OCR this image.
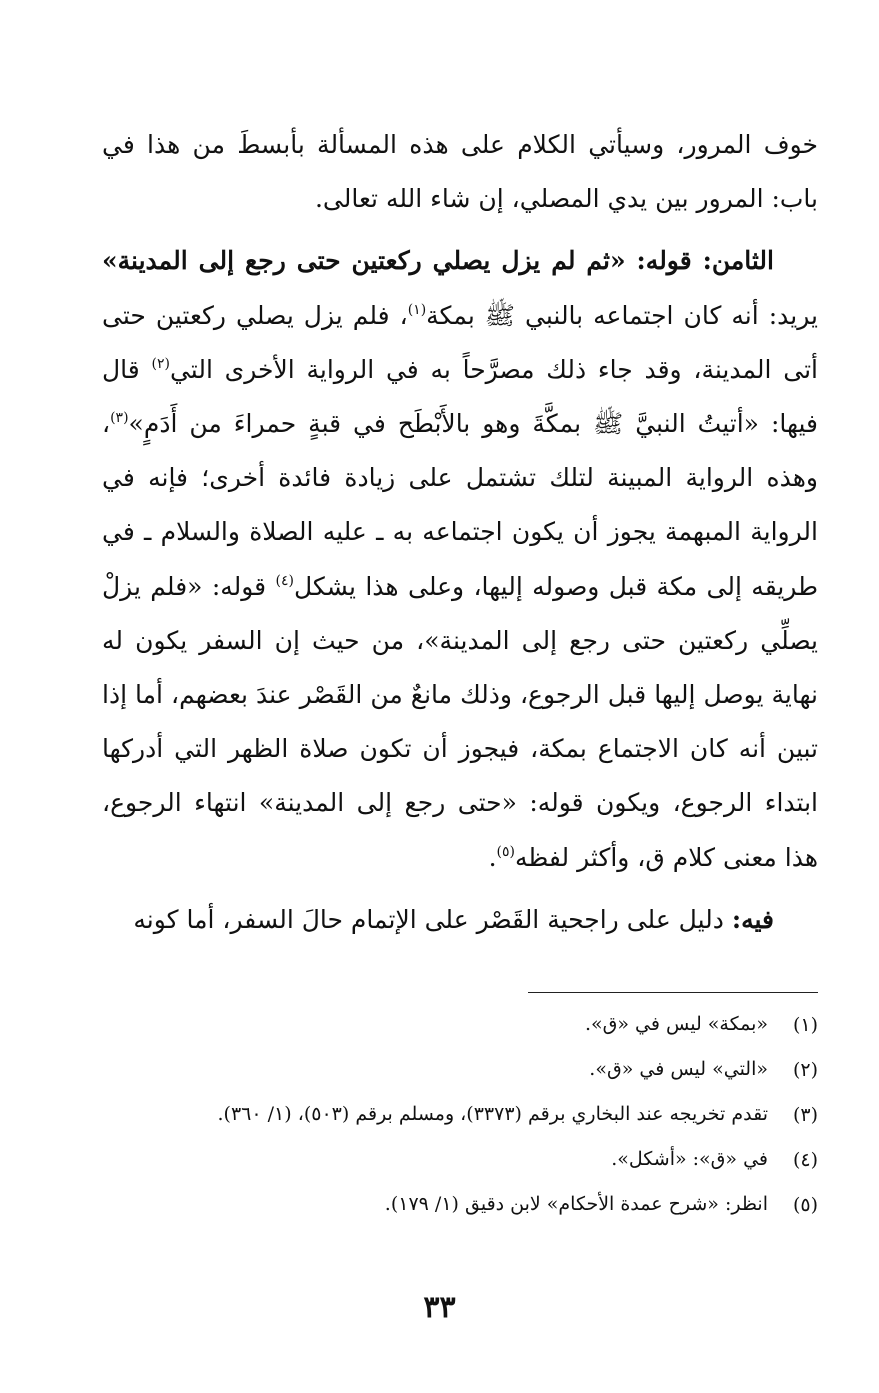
خوف المرور، وسيأتي الكلام على هذه المسألة بأبسطَ من هذا في باب: المرور بين يدي المصلي، إن شاء الله تعالى.

الثامن: قوله: «ثم لم يزل يصلي ركعتين حتى رجع إلى المدينة» يريد: أنه كان اجتماعه بالنبي ﷺ بمكة$^{(١)}$، فلم يزل يصلي ركعتين حتى أتى المدينة، وقد جاء ذلك مصرَّحاً به في الرواية الأخرى التي$^{(٢)}$ قال فيها: «أتيتُ النبيَّ ﷺ بمكَّةَ وهو بالأَبْطَح في قبةٍ حمراءَ من أَدَمٍ»$^{(٣)}$، وهذه الرواية المبينة لتلك تشتمل على زيادة فائدة أخرى؛ فإنه في الرواية المبهمة يجوز أن يكون اجتماعه به ـ عليه الصلاة والسلام ـ في طريقه إلى مكة قبل وصوله إليها، وعلى هذا يشكل$^{(٤)}$ قوله: «فلم يزلْ يصلِّي ركعتين حتى رجع إلى المدينة»، من حيث إن السفر يكون له نهاية يوصل إليها قبل الرجوع، وذلك مانعٌ من القَصْر عندَ بعضهم، أما إذا تبين أنه كان الاجتماع بمكة، فيجوز أن تكون صلاة الظهر التي أدركها ابتداء الرجوع، ويكون قوله: «حتى رجع إلى المدينة» انتهاء الرجوع، هذا معنى كلام ق، وأكثر لفظه$^{(٥)}$.

فيه: دليل على راجحية القَصْر على الإتمام حالَ السفر، أما كونه

(١)
«بمكة» ليس في «ق».
(٢)
«التي» ليس في «ق».
(٣)
تقدم تخريجه عند البخاري برقم (٣٣٧٣)، ومسلم برقم (٥٠٣)، (١/ ٣٦٠).
(٤)
في «ق»: «أشكل».
(٥)
انظر: «شرح عمدة الأحكام» لابن دقيق (١/ ١٧٩).
٣٣
